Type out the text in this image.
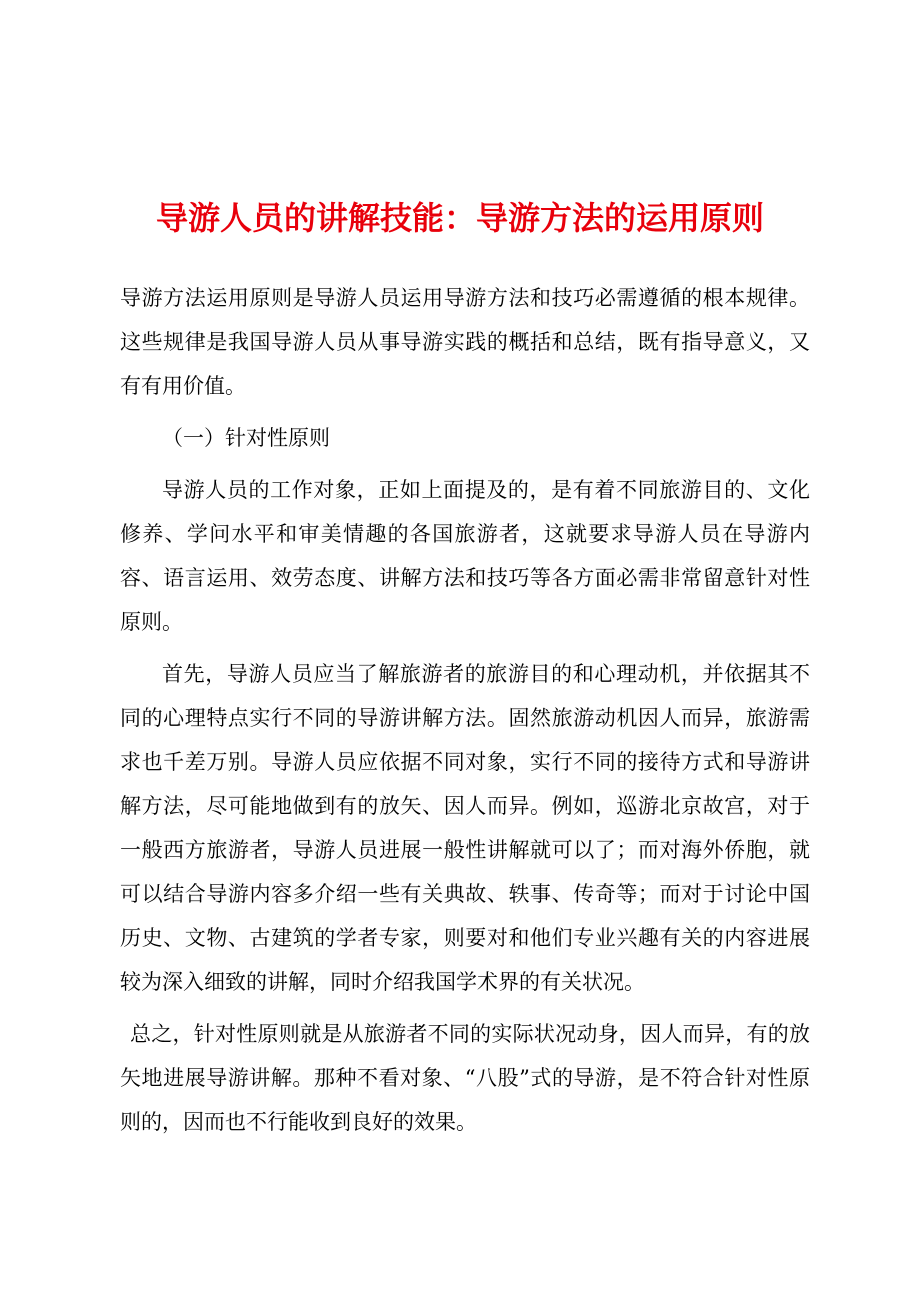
导游人员的讲解技能：导游方法的运用原则

导游方法运用原则是导游人员运用导游方法和技巧必需遵循的根本规律。这些规律是我国导游人员从事导游实践的概括和总结，既有指导意义，又有有用价值。

（一）针对性原则

导游人员的工作对象，正如上面提及的，是有着不同旅游目的、文化修养、学问水平和审美情趣的各国旅游者，这就要求导游人员在导游内容、语言运用、效劳态度、讲解方法和技巧等各方面必需非常留意针对性原则。

首先，导游人员应当了解旅游者的旅游目的和心理动机，并依据其不同的心理特点实行不同的导游讲解方法。固然旅游动机因人而异，旅游需求也千差万别。导游人员应依据不同对象，实行不同的接待方式和导游讲解方法，尽可能地做到有的放矢、因人而异。例如，巡游北京故宫，对于一般西方旅游者，导游人员进展一般性讲解就可以了；而对海外侨胞，就可以结合导游内容多介绍一些有关典故、轶事、传奇等；而对于讨论中国历史、文物、古建筑的学者专家，则要对和他们专业兴趣有关的内容进展较为深入细致的讲解，同时介绍我国学术界的有关状况。

总之，针对性原则就是从旅游者不同的实际状况动身，因人而异，有的放矢地进展导游讲解。那种不看对象、“八股”式的导游，是不符合针对性原则的，因而也不行能收到良好的效果。
